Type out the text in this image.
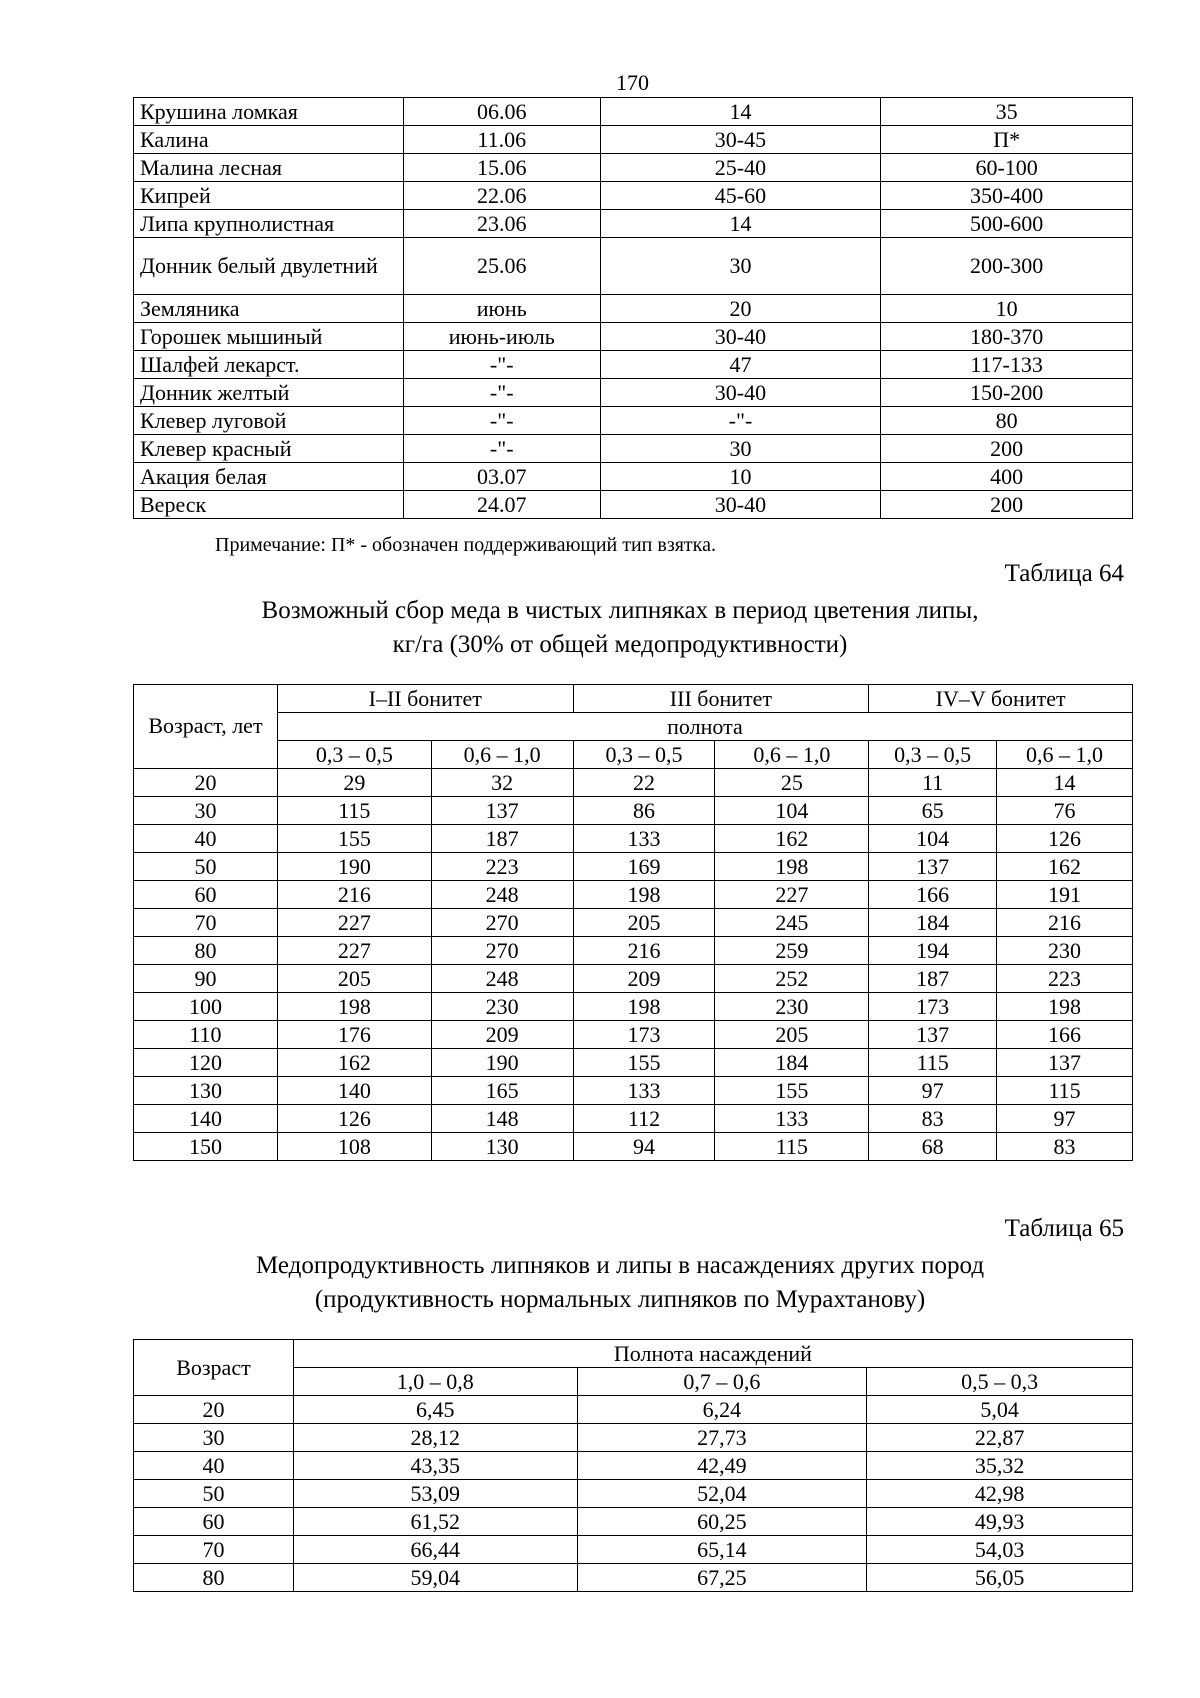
170
Крушина ломкая	06.06	14	35
Калина	11.06	30-45	П*
Малина лесная	15.06	25-40	60-100
Кипрей	22.06	45-60	350-400
Липа крупнолистная	23.06	14	500-600
Донник белый двулетний	25.06	30	200-300
Земляника	июнь	20	10
Горошек мышиный	июнь-июль	30-40	180-370
Шалфей лекарст.	-"-	47	117-133
Донник желтый	-"-	30-40	150-200
Клевер луговой	-"-	-"-	80
Клевер красный	-"-	30	200
Акация белая	03.07	10	400
Вереск	24.07	30-40	200
Примечание: П* - обозначен поддерживающий тип взятка.
Таблица 64
Возможный сбор меда в чистых липняках в период цветения липы,
кг/га (30% от общей медопродуктивности)
Возраст, лет	I–II бонитет		III бонитет		IV–V бонитет	
	полнота					
	0,3 – 0,5	0,6 – 1,0	0,3 – 0,5	0,6 – 1,0	0,3 – 0,5	0,6 – 1,0
20	29	32	22	25	11	14
30	115	137	86	104	65	76
40	155	187	133	162	104	126
50	190	223	169	198	137	162
60	216	248	198	227	166	191
70	227	270	205	245	184	216
80	227	270	216	259	194	230
90	205	248	209	252	187	223
100	198	230	198	230	173	198
110	176	209	173	205	137	166
120	162	190	155	184	115	137
130	140	165	133	155	97	115
140	126	148	112	133	83	97
150	108	130	94	115	68	83
Таблица 65
Медопродуктивность липняков и липы в насаждениях других пород
(продуктивность нормальных липняков по Мурахтанову)
Возраст	Полнота насаждений		
	1,0 – 0,8	0,7 – 0,6	0,5 – 0,3
20	6,45	6,24	5,04
30	28,12	27,73	22,87
40	43,35	42,49	35,32
50	53,09	52,04	42,98
60	61,52	60,25	49,93
70	66,44	65,14	54,03
80	59,04	67,25	56,05
